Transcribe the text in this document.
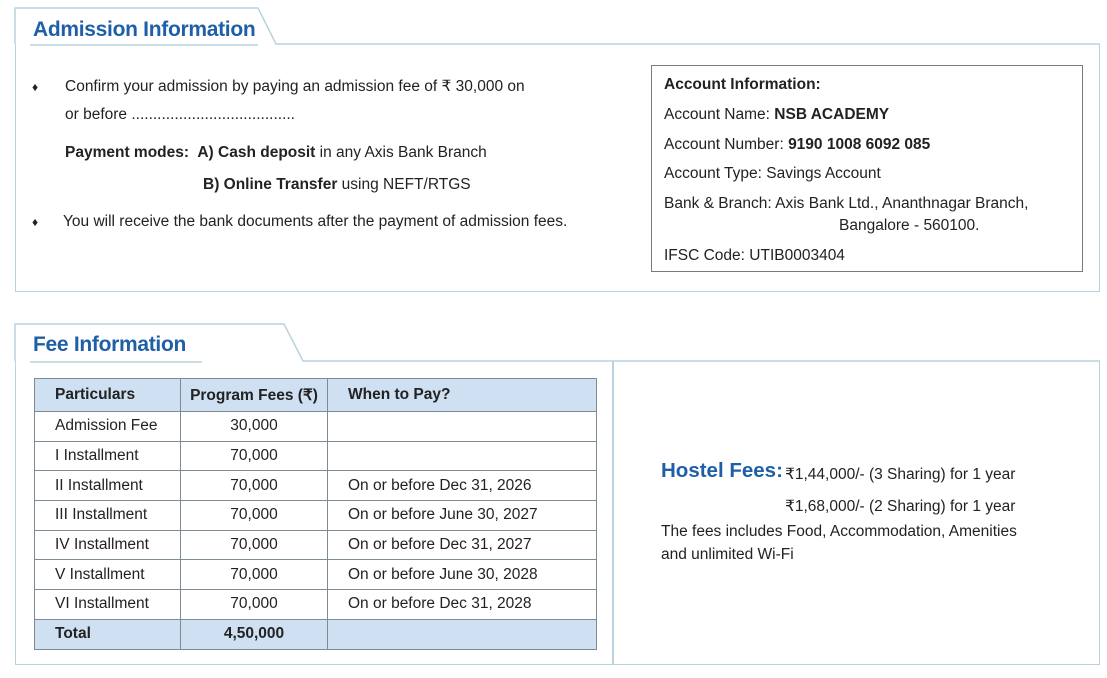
Admission Information
♦ Confirm your admission by paying an admission fee of ₹ 30,000 on
or before ......................................
Payment modes: A) Cash deposit in any Axis Bank Branch
B) Online Transfer using NEFT/RTGS
♦ You will receive the bank documents after the payment of admission fees.
Account Information:
Account Name: NSB ACADEMY
Account Number: 9190 1008 6092 085
Account Type: Savings Account
Bank & Branch: Axis Bank Ltd., Ananthnagar Branch,
Bangalore - 560100.
IFSC Code: UTIB0003404
Fee Information
Particulars	Program Fees (₹)	When to Pay?
Admission Fee	30,000	
I Installment	70,000	
II Installment	70,000	On or before Dec 31, 2026
III Installment	70,000	On or before June 30, 2027
IV Installment	70,000	On or before Dec 31, 2027
V Installment	70,000	On or before June 30, 2028
VI Installment	70,000	On or before Dec 31, 2028
Total	4,50,000	
Hostel Fees: ₹1,44,000/- (3 Sharing) for 1 year
₹1,68,000/- (2 Sharing) for 1 year
The fees includes Food, Accommodation, Amenities
and unlimited Wi-Fi
